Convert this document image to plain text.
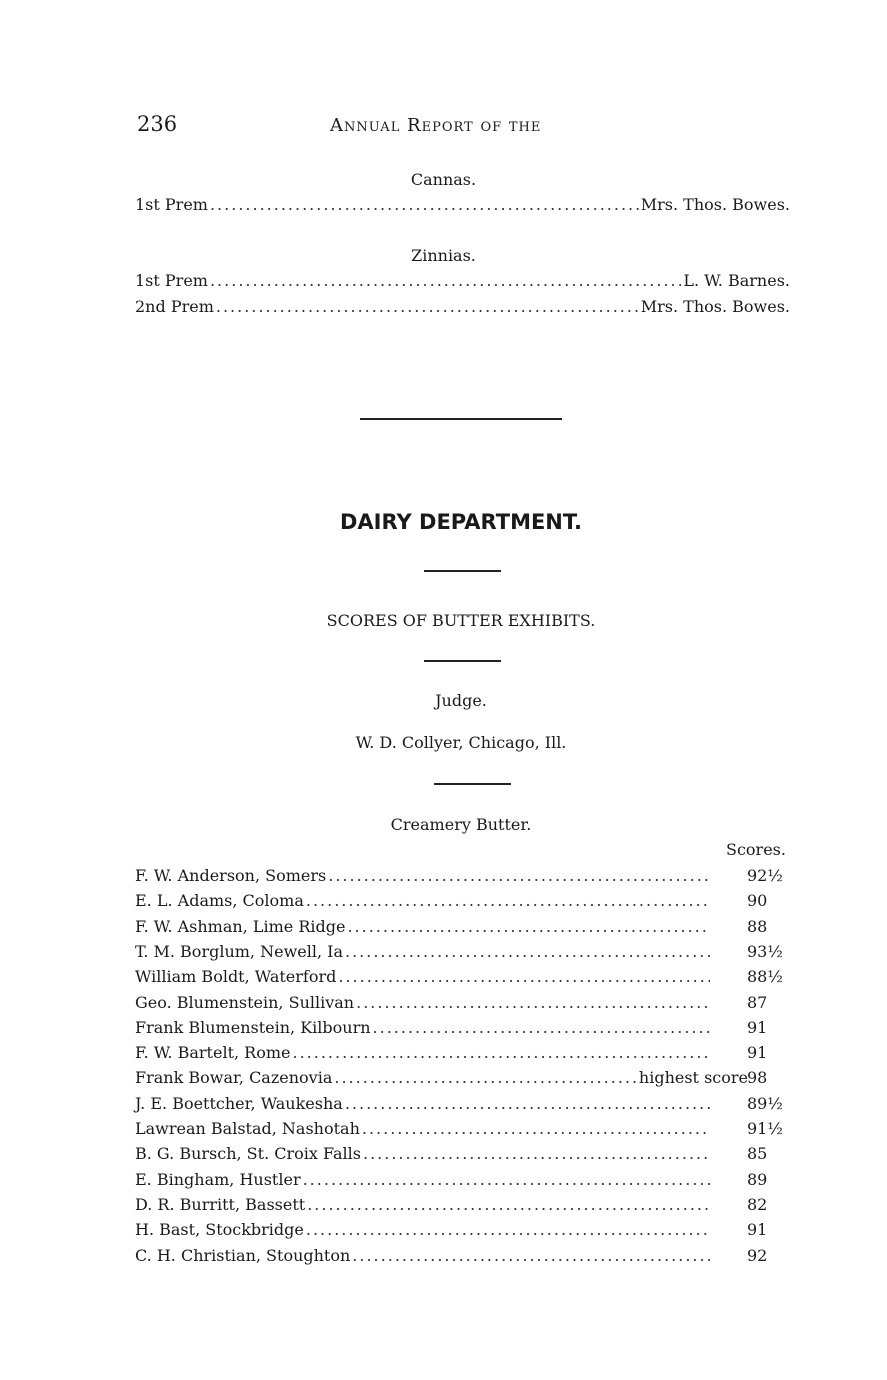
236	Annual Report of the
Cannas.
1st Prem .....	Mrs. Thos. Bowes.
Zinnias.
1st Prem .....	L. W. Barnes.
2nd Prem .....	Mrs. Thos. Bowes.
DAIRY DEPARTMENT.
SCORES OF BUTTER EXHIBITS.
Judge.
W. D. Collyer, Chicago, Ill.
Creamery Butter.
Scores.
F. W. Anderson, Somers .....	92½
E. L. Adams, Coloma .....	90
F. W. Ashman, Lime Ridge .....	88
T. M. Borglum, Newell, Ia .....	93½
William Boldt, Waterford .....	88½
Geo. Blumenstein, Sullivan .....	87
Frank Blumenstein, Kilbourn .....	91
F. W. Bartelt, Rome .....	91
Frank Bowar, Cazenovia .....	highest score 98
J. E. Boettcher, Waukesha .....	89½
Lawrean Balstad, Nashotah .....	91½
B. G. Bursch, St. Croix Falls .....	85
E. Bingham, Hustler .....	89
D. R. Burritt, Bassett .....	82
H. Bast, Stockbridge .....	91
C. H. Christian, Stoughton .....	92
